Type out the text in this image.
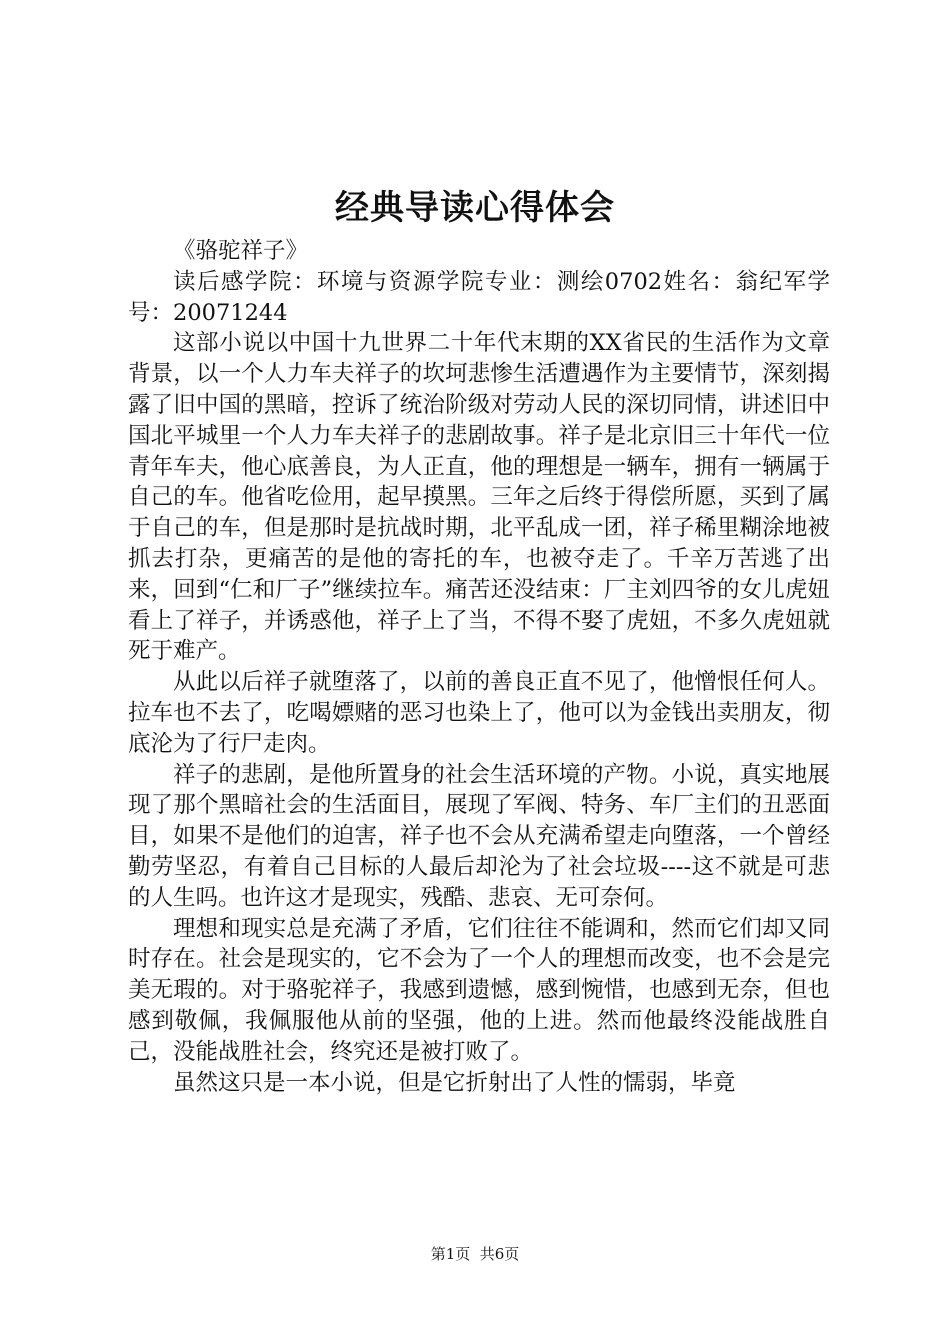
经典导读心得体会

《骆驼祥子》

读后感学院：环境与资源学院专业：测绘0702姓名：翁纪军学号：20071244

这部小说以中国十九世界二十年代末期的XX省民的生活作为文章背景，以一个人力车夫祥子的坎坷悲惨生活遭遇作为主要情节，深刻揭露了旧中国的黑暗，控诉了统治阶级对劳动人民的深切同情，讲述旧中国北平城里一个人力车夫祥子的悲剧故事。祥子是北京旧三十年代一位青年车夫，他心底善良，为人正直，他的理想是一辆车，拥有一辆属于自己的车。他省吃俭用，起早摸黑。三年之后终于得偿所愿，买到了属于自己的车，但是那时是抗战时期，北平乱成一团，祥子稀里糊涂地被抓去打杂，更痛苦的是他的寄托的车，也被夺走了。千辛万苦逃了出来，回到“仁和厂子”继续拉车。痛苦还没结束：厂主刘四爷的女儿虎妞看上了祥子，并诱惑他，祥子上了当，不得不娶了虎妞，不多久虎妞就死于难产。

从此以后祥子就堕落了，以前的善良正直不见了，他憎恨任何人。拉车也不去了，吃喝嫖赌的恶习也染上了，他可以为金钱出卖朋友，彻底沦为了行尸走肉。

祥子的悲剧，是他所置身的社会生活环境的产物。小说，真实地展现了那个黑暗社会的生活面目，展现了军阀、特务、车厂主们的丑恶面目，如果不是他们的迫害，祥子也不会从充满希望走向堕落，一个曾经勤劳坚忍，有着自己目标的人最后却沦为了社会垃圾----这不就是可悲的人生吗。也许这才是现实，残酷、悲哀、无可奈何。

理想和现实总是充满了矛盾，它们往往不能调和，然而它们却又同时存在。社会是现实的，它不会为了一个人的理想而改变，也不会是完美无瑕的。对于骆驼祥子，我感到遗憾，感到惋惜，也感到无奈，但也感到敬佩，我佩服他从前的坚强，他的上进。然而他最终没能战胜自己，没能战胜社会，终究还是被打败了。

虽然这只是一本小说，但是它折射出了人性的懦弱，毕竟

第1页  共6页
